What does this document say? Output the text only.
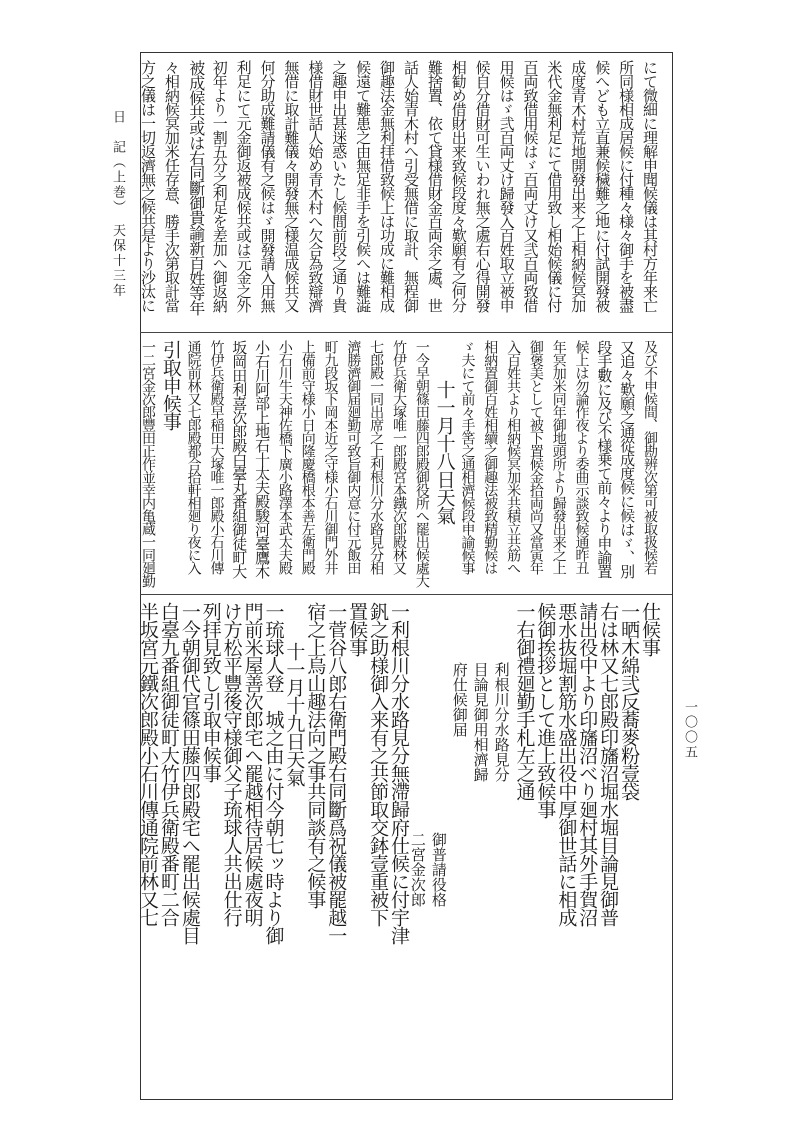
日　記（上巻）　天保十三年
一〇〇五
にて微細に理解申聞候儀は其村方年来亡
所同様相成居候に付種々様々御手を被盡
候へども立直兼候穢難之地に付試開發被
成度青木村荒地開發出来之上相納候冥加
米代金無利足にて借用致し相始候儀に付
百両致借用候はゞ百両丈け又弐百両致借
用候はゞ弐百両丈け歸發入百姓取立被申
候自分借財可生いわれ無之處右心得開發
相勧め借財出来致候段度々歎願有之何分
難捨置、依て貸様借財金百両余之處、世
話人始青木村へ引受無借に取計、無程御
御趣法金無利拝借致候上は功成に難相成
候遠て難患之由無足非手を引候へは難澁
之趣申出甚迷惑いたし候間前段之通り貴
様借財世話人始め青木村へ欠合為致辯濟
無借に取計難儀々開發無之様温成候共又
何分助成難請儀有之候はゞ開發請入用無
利足にて元金御返被成候共或は元金之外
初年より一割五分之利足を差加へ御返納
被成候共或は右同斷御貴諭新百姓等年
々相納候冥加米任存意、勝手次第取計當
方之儀は一切返濟無之候共是より沙汰に
及び不申候間、御勘辨次第可被取扱候若
又追々歎願之通從成度候に候はゞ、別
段手數に及び不様乗て前々より申諭置
候上は勿論作夜より委曲示談致候通昨丑
年冥加米同年御地頭所より歸發出来之上
御褒美として被下置候金拾両尚又當寅年
入百姓共より相納候冥加米共積立共筋へ
相納置御百姓相續之御趣法被致精勤候は
ゞ夫にて前々手筈之通相濟候段申諭候事
十一月十八日天氣
一今早朝篠田藤四郎殿御役所へ罷出候處大
竹伊兵衛大塚唯一郎殿宮本鐵次郎殿林又
七郎殿一同出席之上利根川分水路見分相
濟勝濟御届廻勤可致旨御内意に付元飯田
町九段坂下岡本近之守様小石川御門外井
上備前守様小日向隆慶橋根本善左衛門殿
小石川牛天神佐橋下廣小路澤本武太夫殿
小石川阿部上地石十太夫殿駿河臺鷹木
坂岡田利喜次郎殿白臺丸番組御徒町大
竹伊兵衛殿早稲田大塚唯一郎殿小石川傳
通院前林又七郎殿都合拾軒相廻り夜に入
引取申候事
一二宮金次郎豐田正作並幸内亀蔵一同廻勤
仕候事
一晒木綿弐反蕎麥粉壹袋
右は林又七郎殿印旛沼堀水堀目論見御普
請出役中より印旛沼べり廻村其外手賀沼
悪水抜堀割筋水盛出役中厚御世話に相成
候御挨拶として進上致候事
一右御禮廻勤手札左之通
利根川分水路見分
目論見御用相濟歸
府仕候御届
御普請役格
二宮金次郎
一利根川分水路見分無滯歸府仕候に付宇津
釩之助様御入来有之共節取交鉢壹重被下
置候事
一菅谷八郎右衛門殿右同斷爲祝儀被罷越一
宿之上烏山趣法向之事共同談有之候事
十一月十九日天氣
一琉球人登　城之由に付今朝七ッ時より御
門前米屋善次郎宅へ罷越相待居候處夜明
け方松平豐後守様御父子琉球人共出仕行
列拝見致し引取申候事
一今朝御代官篠田藤四郎殿宅へ罷出候處目
白臺九番組御徒町大竹伊兵衛殿番町二合
半坂宮元鐵次郎殿小石川傳通院前林又七
